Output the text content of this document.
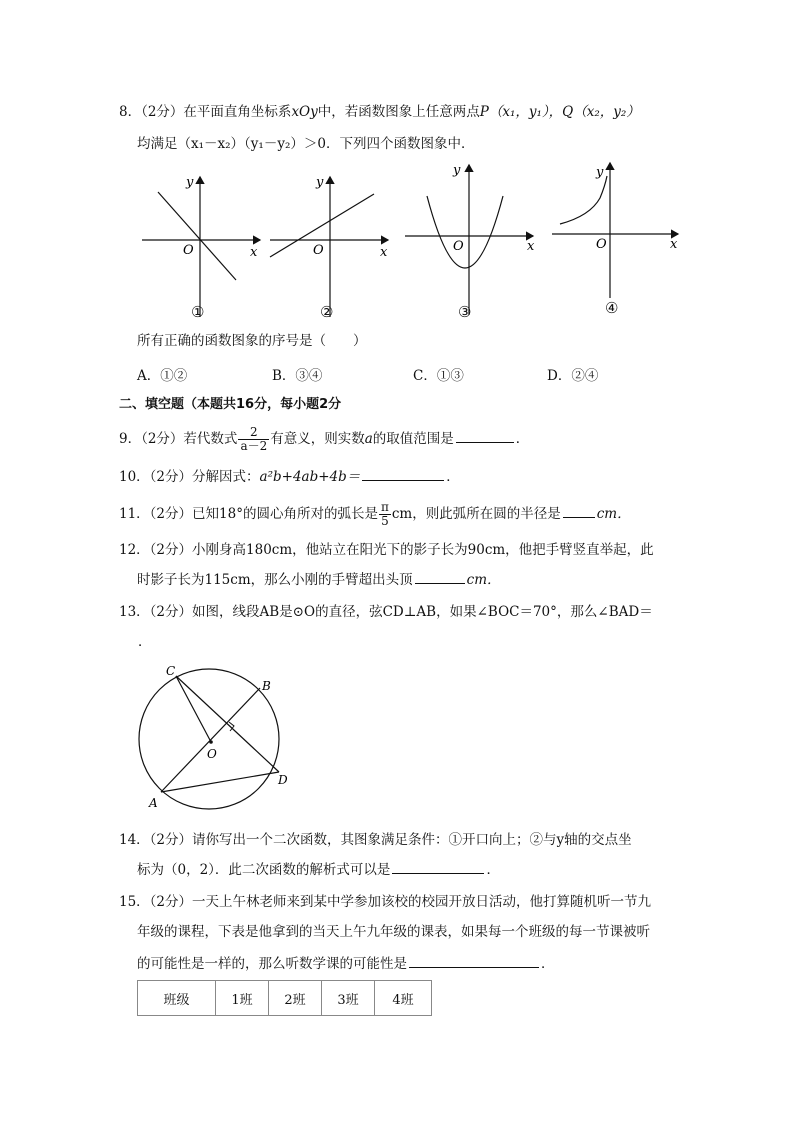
8．（2分）在平面直角坐标系xOy中，若函数图象上任意两点P（x₁，y₁），Q（x₂，y₂）
均满足（x₁－x₂）（y₁－y₂）＞0．下列四个函数图象中．
y
x
O
①
y
x
O
②
y
x
O
③
y
x
O
④
所有正确的函数图象的序号是（　　）
A．①②	B．③④	C．①③	D．②④
二、填空题（本题共16分，每小题2分
9．（2分）若代数式 $\frac{2}{a-2}$ 有意义，则实数a的取值范围是	．
10．（2分）分解因式：a²b+4ab+4b＝	．
11．（2分）已知18°的圆心角所对的弧长是 $\frac{\pi}{5}$ cm，则此弧所在圆的半径是	cm．
12．（2分）小刚身高180cm，他站立在阳光下的影子长为90cm，他把手臂竖直举起，此
时影子长为115cm，那么小刚的手臂超出头顶	cm．
13．（2分）如图，线段AB是⊙O的直径，弦CD⊥AB，如果∠BOC＝70°，那么∠BAD＝
．
C
B
O
D
A
14．（2分）请你写出一个二次函数，其图象满足条件：①开口向上；②与y轴的交点坐
标为（0，2）．此二次函数的解析式可以是	．
15．（2分）一天上午林老师来到某中学参加该校的校园开放日活动，他打算随机听一节九
年级的课程，下表是他拿到的当天上午九年级的课表，如果每一个班级的每一节课被听
的可能性是一样的，那么听数学课的可能性是	．
班级	1班	2班	3班	4班
